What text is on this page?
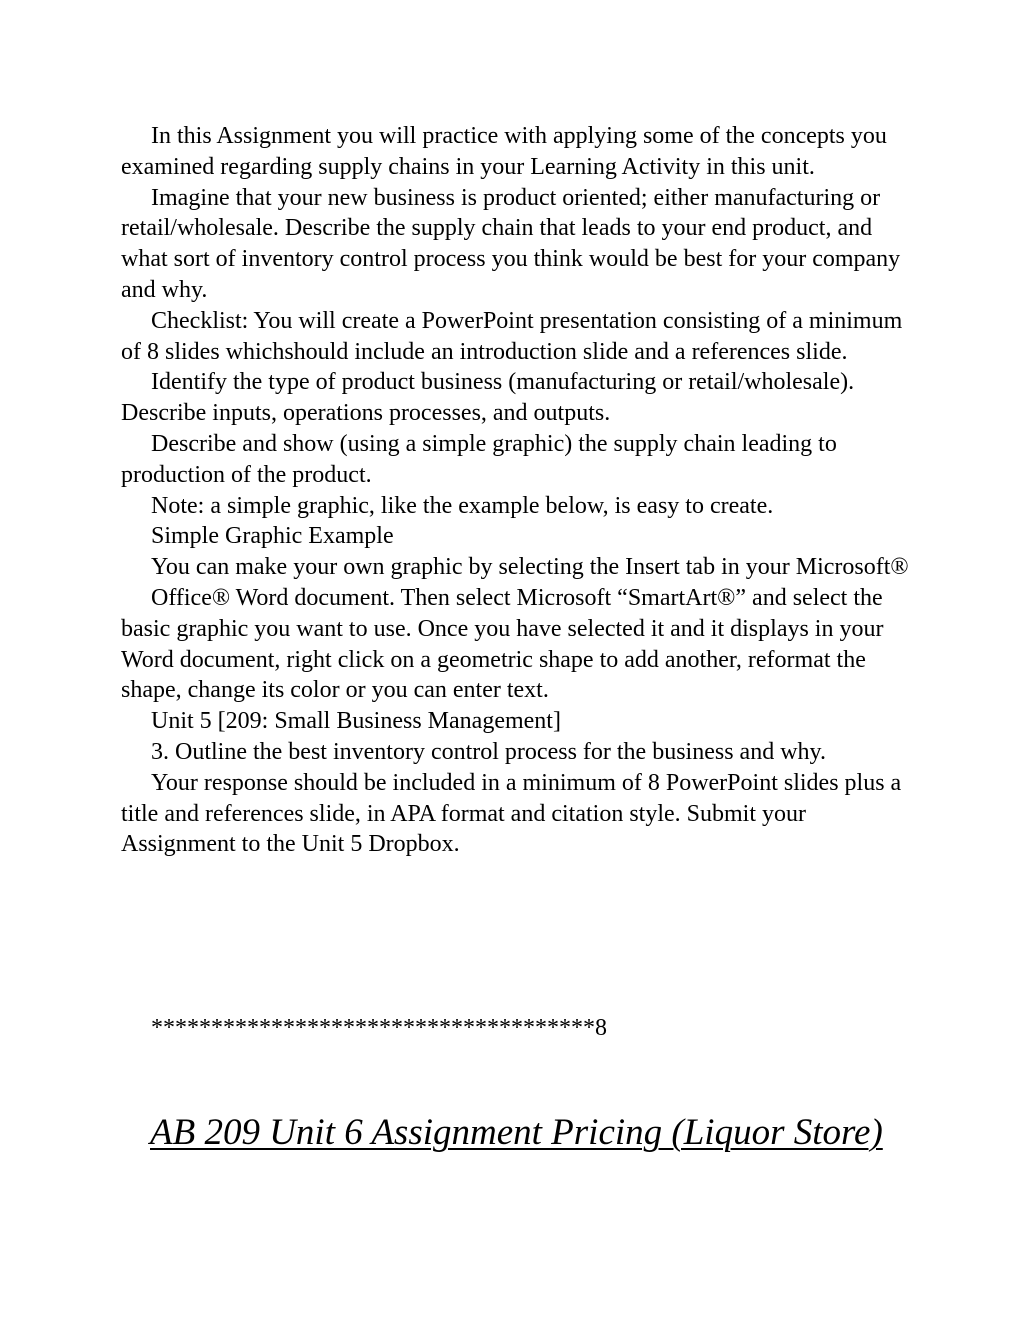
In this Assignment you will practice with applying some of the concepts you examined regarding supply chains in your Learning Activity in this unit.

Imagine that your new business is product oriented; either manufacturing or retail/wholesale. Describe the supply chain that leads to your end product, and what sort of inventory control process you think would be best for your company and why.

Checklist: You will create a PowerPoint presentation consisting of a minimum of 8 slides whichshould include an introduction slide and a references slide.

Identify the type of product business (manufacturing or retail/wholesale). Describe inputs, operations processes, and outputs.

Describe and show (using a simple graphic) the supply chain leading to production of the product.

Note: a simple graphic, like the example below, is easy to create.

Simple Graphic Example

You can make your own graphic by selecting the Insert tab in your Microsoft®

Office® Word document. Then select Microsoft “SmartArt®” and select the basic graphic you want to use. Once you have selected it and it displays in your Word document, right click on a geometric shape to add another, reformat the shape, change its color or you can enter text.

Unit 5 [209: Small Business Management]

3. Outline the best inventory control process for the business and why.

Your response should be included in a minimum of 8 PowerPoint slides plus a title and references slide, in APA format and citation style. Submit your Assignment to the Unit 5 Dropbox.

*************************************8
AB 209 Unit 6 Assignment Pricing (Liquor Store)
